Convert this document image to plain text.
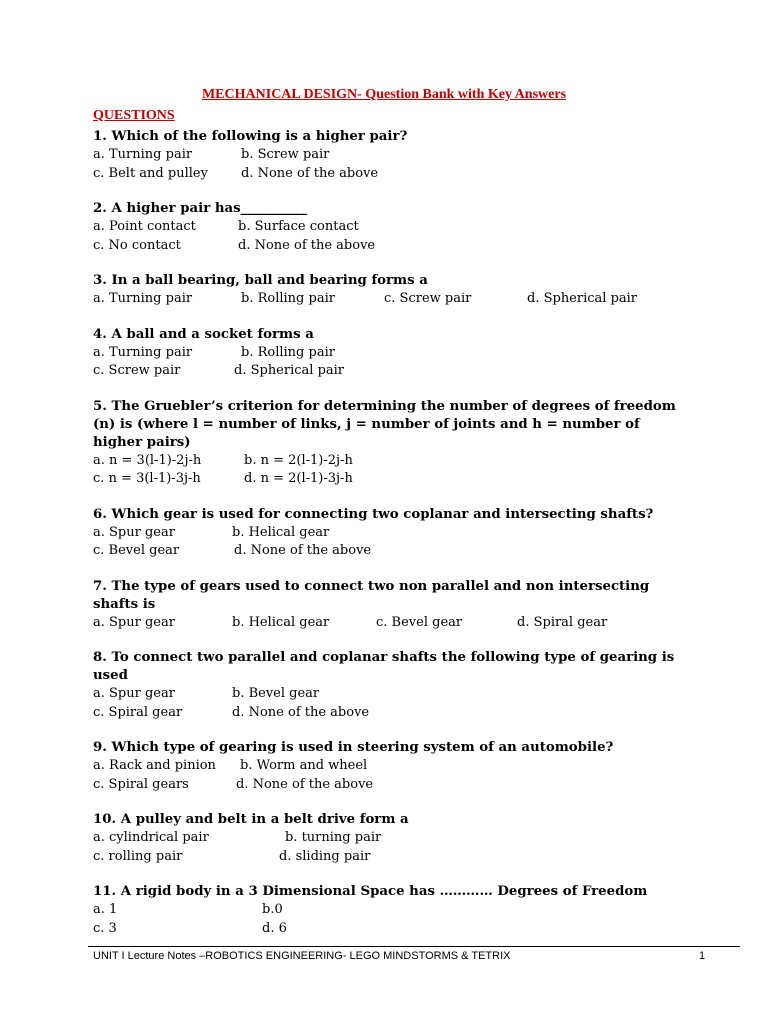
MECHANICAL DESIGN- Question Bank with Key Answers
QUESTIONS
1. Which of the following is a higher pair?
a. Turning pair	b. Screw pair
c. Belt and pulley	d. None of the above
2. A higher pair has__________
a. Point contact	b. Surface contact
c. No contact	d. None of the above
3. In a ball bearing, ball and bearing forms a
a. Turning pair	b. Rolling pair	c. Screw pair	d. Spherical pair
4. A ball and a socket forms a
a. Turning pair	b. Rolling pair
c. Screw pair	d. Spherical pair
5. The Gruebler’s criterion for determining the number of degrees of freedom (n) is (where l = number of links, j = number of joints and h = number of higher pairs)
a. n = 3(l-1)-2j-h	b. n = 2(l-1)-2j-h
c. n = 3(l-1)-3j-h	d. n = 2(l-1)-3j-h
6. Which gear is used for connecting two coplanar and intersecting shafts?
a. Spur gear	b. Helical gear
c. Bevel gear	d. None of the above
7. The type of gears used to connect two non parallel and non intersecting shafts is
a. Spur gear	b. Helical gear	c. Bevel gear	d. Spiral gear
8. To connect two parallel and coplanar shafts the following type of gearing is used
a. Spur gear	b. Bevel gear
c. Spiral gear	d. None of the above
9. Which type of gearing is used in steering system of an automobile?
a. Rack and pinion	b. Worm and wheel
c. Spiral gears	d. None of the above
10. A pulley and belt in a belt drive form a
a. cylindrical pair	b. turning pair
c. rolling pair	d. sliding pair
11. A rigid body in a 3 Dimensional Space has ………… Degrees of Freedom
a. 1	b.0
c. 3	d. 6
UNIT I Lecture Notes –ROBOTICS ENGINEERING- LEGO MINDSTORMS & TETRIX	1
